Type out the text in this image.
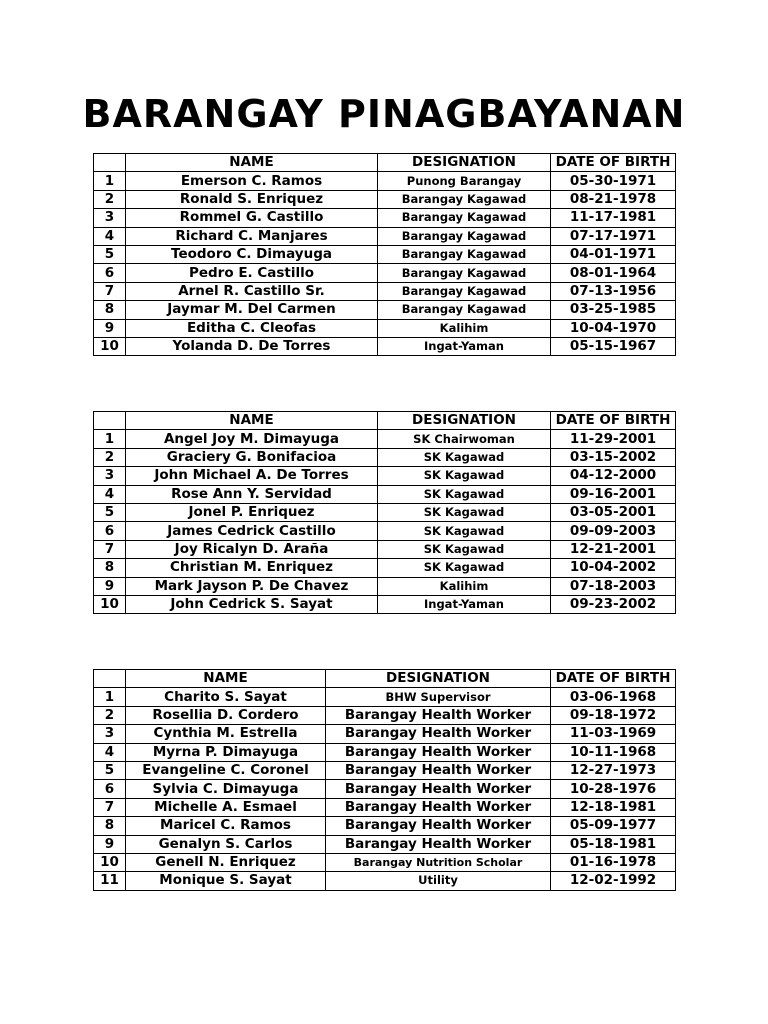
BARANGAY PINAGBAYANAN
	NAME	DESIGNATION	DATE OF BIRTH
1	Emerson C. Ramos	Punong Barangay	05-30-1971
2	Ronald S. Enriquez	Barangay Kagawad	08-21-1978
3	Rommel G. Castillo	Barangay Kagawad	11-17-1981
4	Richard C. Manjares	Barangay Kagawad	07-17-1971
5	Teodoro C. Dimayuga	Barangay Kagawad	04-01-1971
6	Pedro E. Castillo	Barangay Kagawad	08-01-1964
7	Arnel R. Castillo Sr.	Barangay Kagawad	07-13-1956
8	Jaymar M. Del Carmen	Barangay Kagawad	03-25-1985
9	Editha C. Cleofas	Kalihim	10-04-1970
10	Yolanda D. De Torres	Ingat-Yaman	05-15-1967
	NAME	DESIGNATION	DATE OF BIRTH
1	Angel Joy M. Dimayuga	SK Chairwoman	11-29-2001
2	Graciery G. Bonifacioa	SK Kagawad	03-15-2002
3	John Michael A. De Torres	SK Kagawad	04-12-2000
4	Rose Ann Y. Servidad	SK Kagawad	09-16-2001
5	Jonel P. Enriquez	SK Kagawad	03-05-2001
6	James Cedrick Castillo	SK Kagawad	09-09-2003
7	Joy Ricalyn D. Araña	SK Kagawad	12-21-2001
8	Christian M. Enriquez	SK Kagawad	10-04-2002
9	Mark Jayson P. De Chavez	Kalihim	07-18-2003
10	John Cedrick S. Sayat	Ingat-Yaman	09-23-2002
	NAME	DESIGNATION	DATE OF BIRTH
1	Charito S. Sayat	BHW Supervisor	03-06-1968
2	Rosellia D. Cordero	Barangay Health Worker	09-18-1972
3	Cynthia M. Estrella	Barangay Health Worker	11-03-1969
4	Myrna P. Dimayuga	Barangay Health Worker	10-11-1968
5	Evangeline C. Coronel	Barangay Health Worker	12-27-1973
6	Sylvia C. Dimayuga	Barangay Health Worker	10-28-1976
7	Michelle A. Esmael	Barangay Health Worker	12-18-1981
8	Maricel C. Ramos	Barangay Health Worker	05-09-1977
9	Genalyn S. Carlos	Barangay Health Worker	05-18-1981
10	Genell N. Enriquez	Barangay Nutrition Scholar	01-16-1978
11	Monique S. Sayat	Utility	12-02-1992
